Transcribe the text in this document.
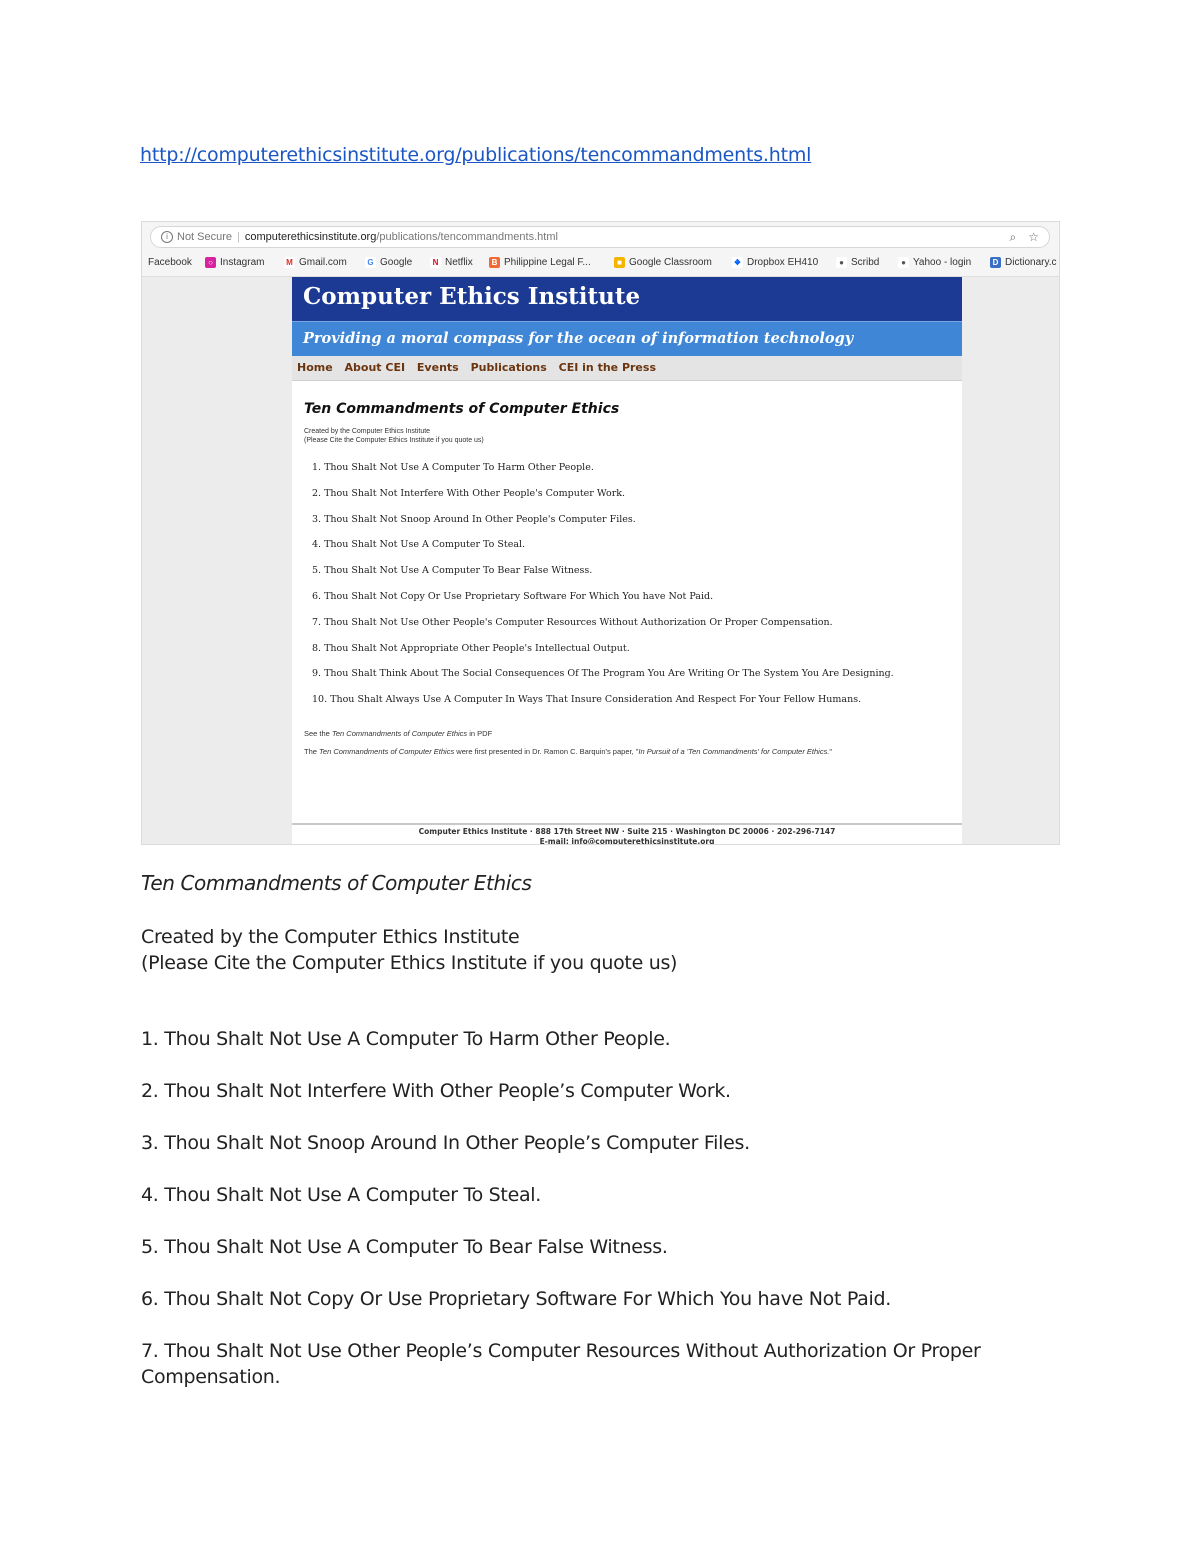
http://computerethicsinstitute.org/publications/tencommandments.html
i Not Secure | computerethicsinstitute.org/publications/tencommandments.html	⌕ ☆
Facebook	○ Instagram	M Gmail.com	G Google	N Netflix	B Philippine Legal F...	■ Google Classroom	❖ Dropbox EH410	● Scribd	● Yahoo - login	D Dictionary.c
Computer Ethics Institute
Providing a moral compass for the ocean of information technology
Home About CEI Events Publications CEI in the Press
Ten Commandments of Computer Ethics
Created by the Computer Ethics Institute
(Please Cite the Computer Ethics Institute if you quote us)
1. Thou Shalt Not Use A Computer To Harm Other People.
2. Thou Shalt Not Interfere With Other People's Computer Work.
3. Thou Shalt Not Snoop Around In Other People's Computer Files.
4. Thou Shalt Not Use A Computer To Steal.
5. Thou Shalt Not Use A Computer To Bear False Witness.
6. Thou Shalt Not Copy Or Use Proprietary Software For Which You have Not Paid.
7. Thou Shalt Not Use Other People's Computer Resources Without Authorization Or Proper Compensation.
8. Thou Shalt Not Appropriate Other People's Intellectual Output.
9. Thou Shalt Think About The Social Consequences Of The Program You Are Writing Or The System You Are Designing.
10. Thou Shalt Always Use A Computer In Ways That Insure Consideration And Respect For Your Fellow Humans.
See the Ten Commandments of Computer Ethics in PDF
The Ten Commandments of Computer Ethics were first presented in Dr. Ramon C. Barquin's paper, "In Pursuit of a 'Ten Commandments' for Computer Ethics."
Computer Ethics Institute · 888 17th Street NW · Suite 215 · Washington DC 20006 · 202-296-7147
E-mail: info@computerethicsinstitute.org
Ten Commandments of Computer Ethics
Created by the Computer Ethics Institute
(Please Cite the Computer Ethics Institute if you quote us)
1. Thou Shalt Not Use A Computer To Harm Other People.
2. Thou Shalt Not Interfere With Other People’s Computer Work.
3. Thou Shalt Not Snoop Around In Other People’s Computer Files.
4. Thou Shalt Not Use A Computer To Steal.
5. Thou Shalt Not Use A Computer To Bear False Witness.
6. Thou Shalt Not Copy Or Use Proprietary Software For Which You have Not Paid.
7. Thou Shalt Not Use Other People’s Computer Resources Without Authorization Or Proper Compensation.
